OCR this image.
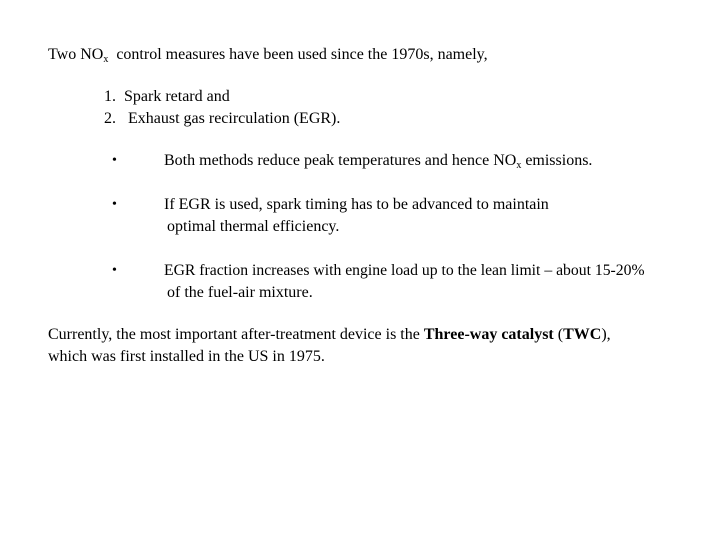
Two $NO_x$  control measures have been used since the 1970s, namely,
1. Spark retard and
2. Exhaust gas recirculation (EGR).
•	Both methods reduce peak temperatures and hence $NO_x$ emissions.
•	If EGR is used, spark timing has to be advanced to maintain
optimal thermal efficiency.
•	EGR fraction increases with engine load up to the lean limit – about 15-20%
of the fuel-air mixture.
Currently, the most important after-treatment device is the Three-way catalyst (TWC),
which was first installed in the US in 1975.
